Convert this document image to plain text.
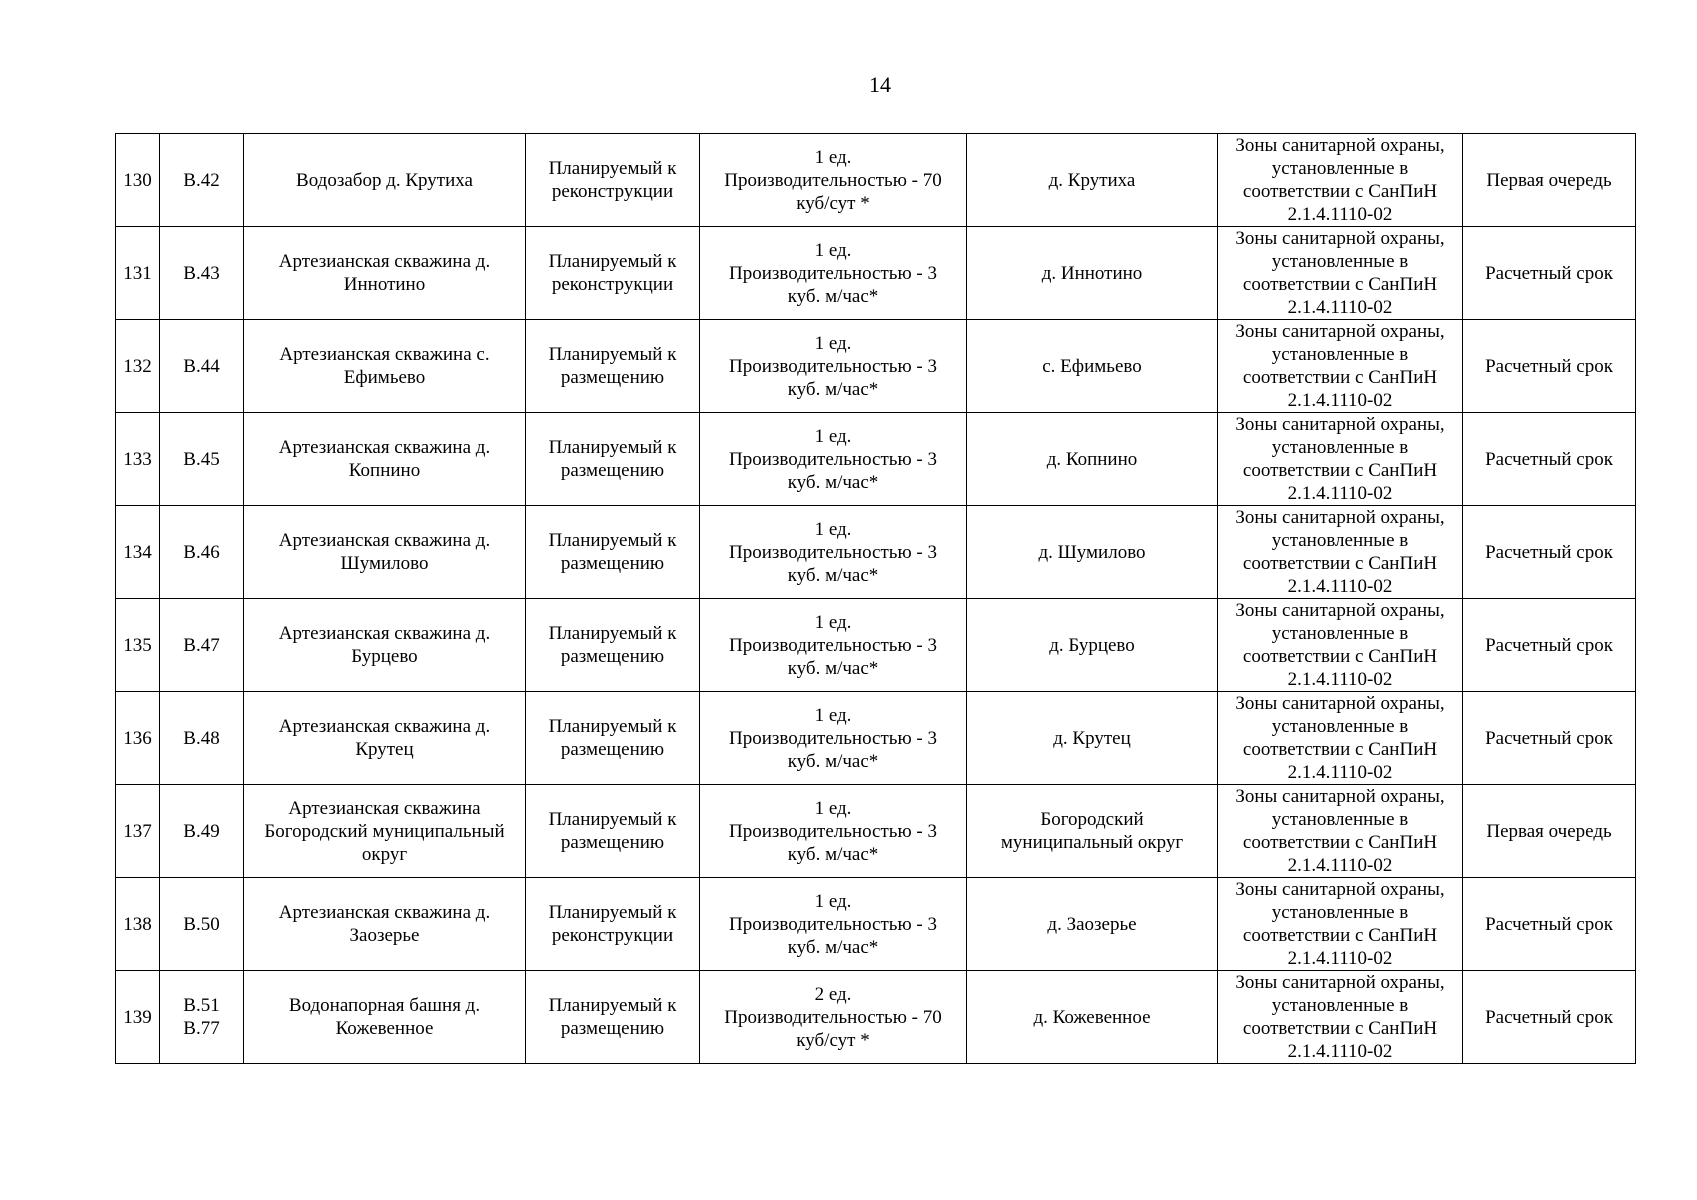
14
130	В.42	Водозабор д. Крутиха	Планируемый к
реконструкции	1 ед.
Производительностью - 70
куб/сут *	д. Крутиха	Зоны санитарной охраны,
установленные в
соответствии с СанПиН
2.1.4.1110-02	Первая очередь
131	В.43	Артезианская скважина д.
Иннотино	Планируемый к
реконструкции	1 ед.
Производительностью - 3
куб. м/час*	д. Иннотино	Зоны санитарной охраны,
установленные в
соответствии с СанПиН
2.1.4.1110-02	Расчетный срок
132	В.44	Артезианская скважина с.
Ефимьево	Планируемый к
размещению	1 ед.
Производительностью - 3
куб. м/час*	с. Ефимьево	Зоны санитарной охраны,
установленные в
соответствии с СанПиН
2.1.4.1110-02	Расчетный срок
133	В.45	Артезианская скважина д.
Копнино	Планируемый к
размещению	1 ед.
Производительностью - 3
куб. м/час*	д. Копнино	Зоны санитарной охраны,
установленные в
соответствии с СанПиН
2.1.4.1110-02	Расчетный срок
134	В.46	Артезианская скважина д.
Шумилово	Планируемый к
размещению	1 ед.
Производительностью - 3
куб. м/час*	д. Шумилово	Зоны санитарной охраны,
установленные в
соответствии с СанПиН
2.1.4.1110-02	Расчетный срок
135	В.47	Артезианская скважина д.
Бурцево	Планируемый к
размещению	1 ед.
Производительностью - 3
куб. м/час*	д. Бурцево	Зоны санитарной охраны,
установленные в
соответствии с СанПиН
2.1.4.1110-02	Расчетный срок
136	В.48	Артезианская скважина д.
Крутец	Планируемый к
размещению	1 ед.
Производительностью - 3
куб. м/час*	д. Крутец	Зоны санитарной охраны,
установленные в
соответствии с СанПиН
2.1.4.1110-02	Расчетный срок
137	В.49	Артезианская скважина
Богородский муниципальный
округ	Планируемый к
размещению	1 ед.
Производительностью - 3
куб. м/час*	Богородский
муниципальный округ	Зоны санитарной охраны,
установленные в
соответствии с СанПиН
2.1.4.1110-02	Первая очередь
138	В.50	Артезианская скважина д.
Заозерье	Планируемый к
реконструкции	1 ед.
Производительностью - 3
куб. м/час*	д. Заозерье	Зоны санитарной охраны,
установленные в
соответствии с СанПиН
2.1.4.1110-02	Расчетный срок
139	В.51
В.77	Водонапорная башня д.
Кожевенное	Планируемый к
размещению	2 ед.
Производительностью - 70
куб/сут *	д. Кожевенное	Зоны санитарной охраны,
установленные в
соответствии с СанПиН
2.1.4.1110-02	Расчетный срок
